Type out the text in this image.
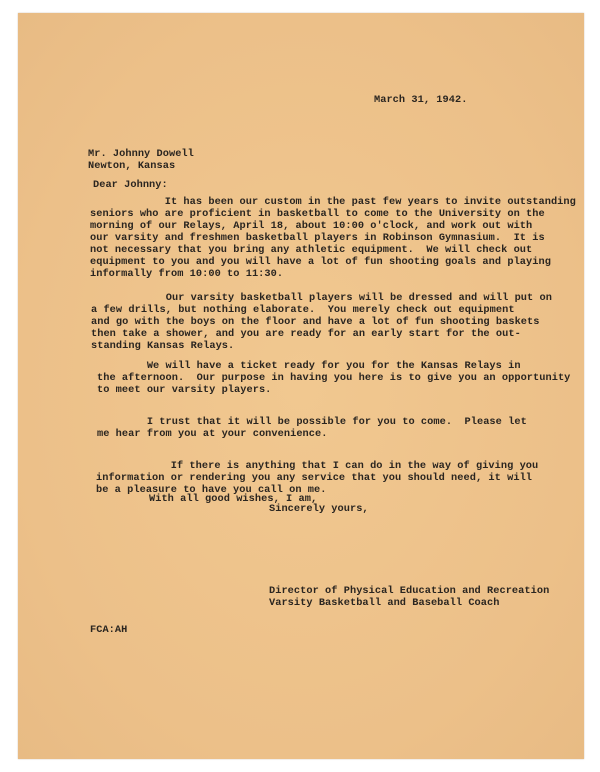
March 31, 1942.
Mr. Johnny Dowell
Newton, Kansas
Dear Johnny:
It has been our custom in the past few years to invite outstanding
seniors who are proficient in basketball to come to the University on the
morning of our Relays, April 18, about 10:00 o'clock, and work out with
our varsity and freshmen basketball players in Robinson Gymnasium.  It is
not necessary that you bring any athletic equipment.  We will check out
equipment to you and you will have a lot of fun shooting goals and playing
informally from 10:00 to 11:30.
Our varsity basketball players will be dressed and will put on
a few drills, but nothing elaborate.  You merely check out equipment
and go with the boys on the floor and have a lot of fun shooting baskets
then take a shower, and you are ready for an early start for the out-
standing Kansas Relays.
We will have a ticket ready for you for the Kansas Relays in
the afternoon.  Our purpose in having you here is to give you an opportunity
to meet our varsity players.
I trust that it will be possible for you to come.  Please let
me hear from you at your convenience.
If there is anything that I can do in the way of giving you
information or rendering you any service that you should need, it will
be a pleasure to have you call on me.
With all good wishes, I am,
Sincerely yours,
Director of Physical Education and Recreation
Varsity Basketball and Baseball Coach
FCA:AH
